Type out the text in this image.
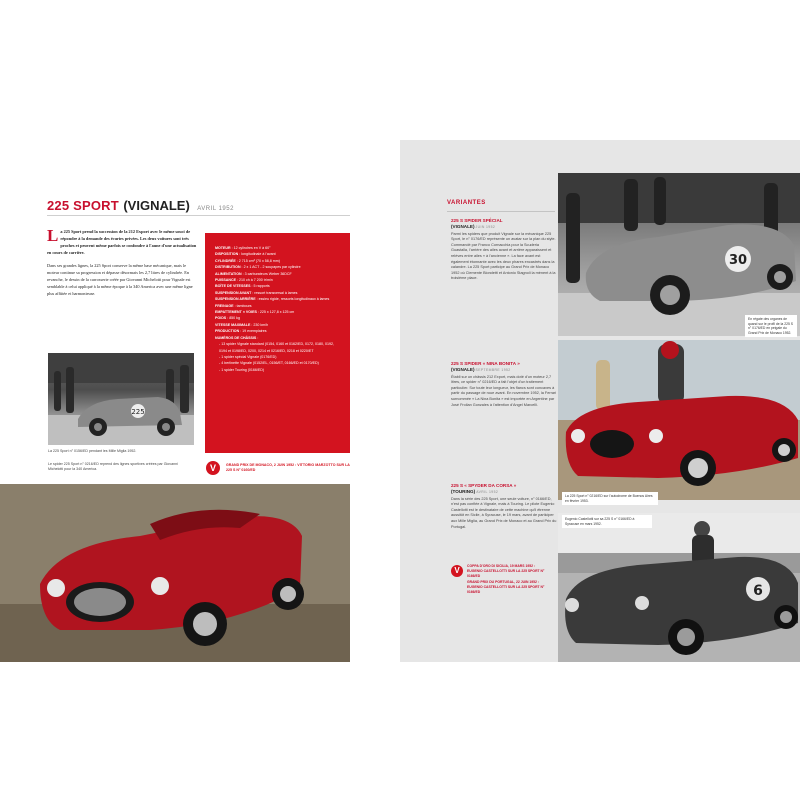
225 SPORT (VIGNALE) AVRIL 1952

L a 225 Sport prend la succession de la 212 Export avec le même souci de répondre à la demande des écuries privées. Les deux voitures sont très proches et peuvent même parfois se confondre à l'aune d'une actualisation en cours de carrière.

Dans ses grandes lignes, la 225 Sport conserve la même base mécanique, mais le moteur continue sa progression et dépasse désormais les 2,7 litres de cylindrée. En revanche, le dessin de la carrosserie créée par Giovanni Michelotti pour Vignale est semblable à celui appliqué à la même époque à la 340 America avec une même ligne plus affûtée et harmonieuse.

MOTEUR : 12 cylindres en V à 60°
DISPOSITION : longitudinale à l'avant
CYLINDRÉE : 2 715 cm³ (70 x 58,8 mm)
DISTRIBUTION : 2 x 1 ACT - 2 soupapes par cylindre
ALIMENTATION : 3 carburateurs Weber 36DCF
PUISSANCE : 210 ch à 7 200 tr/min
BOÎTE DE VITESSES : 5 rapports
SUSPENSION AVANT : ressort transversal à lames
SUSPENSION ARRIÈRE : essieu rigide, ressorts longitudinaux à lames
FREINAGE : tambours
EMPATTEMENT × VOIES : 225 x 127,8 x 125 cm
POIDS : 850 kg
VITESSE MAXIMALE : 230 km/h
PRODUCTION : 19 exemplaires
NUMÉROS DE CHÂSSIS :
- 13 spider Vignale standard (0154, 0160 et 0162/ED, 0172, 0180, 0192, 0194 et 0198/ED, 0200, 0214 et 0216/ED, 0218 et 0220/ET
- 1 spider spécial Vignale (0176/ED)
- 4 berlinette Vignale (0152/EL, 0156/ET, 0166/ED et 0170/ED)
- 1 spider Touring (0166/ED)
225
La 225 Sport n° 0156/ED pendant les Mille Miglia 1952.
Le spider 225 Sport n° 0216/ED reprend des lignes sportives créées par Giovanni Michelotti pour la 340 America.	V	GRAND PRIX DE MONACO, 2 JUIN 1952 : VITTORIO MARZOTTO SUR LA 225 S N° 0160/ED
VARIANTES
225 S SPIDER SPÉCIAL
(VIGNALE) JUIN 1952

Parmi les spiders que produit Vignale sur la mécanique 225 Sport, le n° 0176/ED représente un avatar sur la plan du style. Commandé par Franco Cornacchia pour la Scuderia Guastalla, l'arrière des ailes avant et arrière apparaissent et relèves entre ailes « à l'ancienne ». La face avant est également étonnante avec les deux phares encastrés dans la calandre. La 225 Sport participe au Grand Prix de Monaco 1952 où Clemente Biondetti et Antonio Stagnoli la mènent à la troisième place.

225 S SPIDER « NINA BONITA »
(VIGNALE) SEPTEMBRE 1952

Établi sur un châssis 212 Export, mais doté d'un moteur 2,7 litres, ce spider n° 0216/ED a fait l'objet d'un traitement particulier. Sur toute leur longueur, les flancs sont concaves à partir du passage de roue avant. En novembre 1952, la Ferrari surnommée « La Nina Bonita » est importée en Argentine par José Froilan Gonzales à l'attention d'Angel Marcelli.

225 S « SPYDER DA CORSA »
(TOURING) AVRIL 1952

Dans la série des 225 Sport, une seule voiture, n° 0166/ED, n'est pas confiée à Vignale, mais à Touring. Le pilote Eugenio Castellotti est le destinataire de cette machine qu'il étrenne aussitôt en Sicile, à Syracuse, le 19 mars, avant de participer aux Mille Miglia, au Grand Prix de Monaco et au Grand Prix du Portugal.

V	COPPA D'ORO DI SICILIA, 19 MARS 1952 : EUGENIO CASTELLOTTI SUR LA 225 SPORT N° 0166/ED
GRAND PRIX DU PORTUGAL, 22 JUIN 1952 : EUGENIO CASTELLOTTI SUR LA 225 SPORT N° 0166/ED
30
En régate des organes de quand sur le profil de la 225 S n° 0176/ED en peigale du Grand Prix de Monaco 1952.
La 225 Sport n° 0216/ED sur l'autodrome de Buenos Aires en février 1953.
6
Eugenio Castellotti sur sa 225 S n° 0166/ED à Syracuse en mars 1952.
